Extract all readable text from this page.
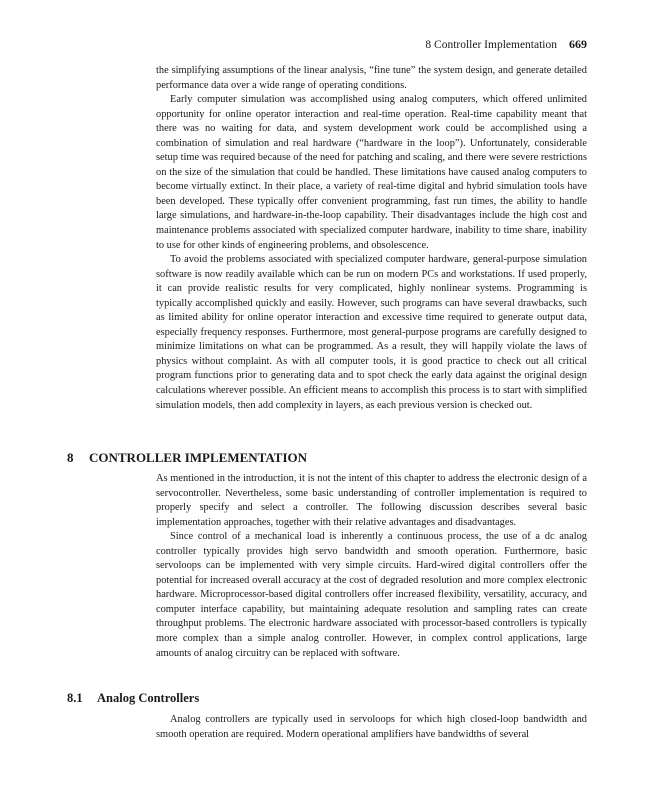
8 Controller Implementation 669

the simplifying assumptions of the linear analysis, “fine tune” the system design, and generate detailed performance data over a wide range of operating conditions.

Early computer simulation was accomplished using analog computers, which offered unlimited opportunity for online operator interaction and real-time operation. Real-time capability meant that there was no waiting for data, and system development work could be accomplished using a combination of simulation and real hardware (“hardware in the loop”). Unfortunately, considerable setup time was required because of the need for patching and scaling, and there were severe restrictions on the size of the simulation that could be handled. These limitations have caused analog computers to become virtually extinct. In their place, a variety of real-time digital and hybrid simulation tools have been developed. These typically offer convenient programming, fast run times, the ability to handle large simulations, and hardware-in-the-loop capability. Their disadvantages include the high cost and maintenance problems associated with specialized computer hardware, inability to time share, inability to use for other kinds of engineering problems, and obsolescence.

To avoid the problems associated with specialized computer hardware, general-purpose simulation software is now readily available which can be run on modern PCs and workstations. If used properly, it can provide realistic results for very complicated, highly nonlinear systems. Programming is typically accomplished quickly and easily. However, such programs can have several drawbacks, such as limited ability for online operator interaction and excessive time required to generate output data, especially frequency responses. Furthermore, most general-purpose programs are carefully designed to minimize limitations on what can be programmed. As a result, they will happily violate the laws of physics without complaint. As with all computer tools, it is good practice to check out all critical program functions prior to generating data and to spot check the early data against the original design calculations wherever possible. An efficient means to accomplish this process is to start with simplified simulation models, then add complexity in layers, as each previous version is checked out.

8 CONTROLLER IMPLEMENTATION

As mentioned in the introduction, it is not the intent of this chapter to address the electronic design of a servocontroller. Nevertheless, some basic understanding of controller implementation is required to properly specify and select a controller. The following discussion describes several basic implementation approaches, together with their relative advantages and disadvantages.

Since control of a mechanical load is inherently a continuous process, the use of a dc analog controller typically provides high servo bandwidth and smooth operation. Furthermore, basic servoloops can be implemented with very simple circuits. Hard-wired digital controllers offer the potential for increased overall accuracy at the cost of degraded resolution and more complex electronic hardware. Microprocessor-based digital controllers offer increased flexibility, versatility, accuracy, and computer interface capability, but maintaining adequate resolution and sampling rates can create throughput problems. The electronic hardware associated with processor-based controllers is typically more complex than a simple analog controller. However, in complex control applications, large amounts of analog circuitry can be replaced with software.

8.1 Analog Controllers

Analog controllers are typically used in servoloops for which high closed-loop bandwidth and smooth operation are required. Modern operational amplifiers have bandwidths of several
